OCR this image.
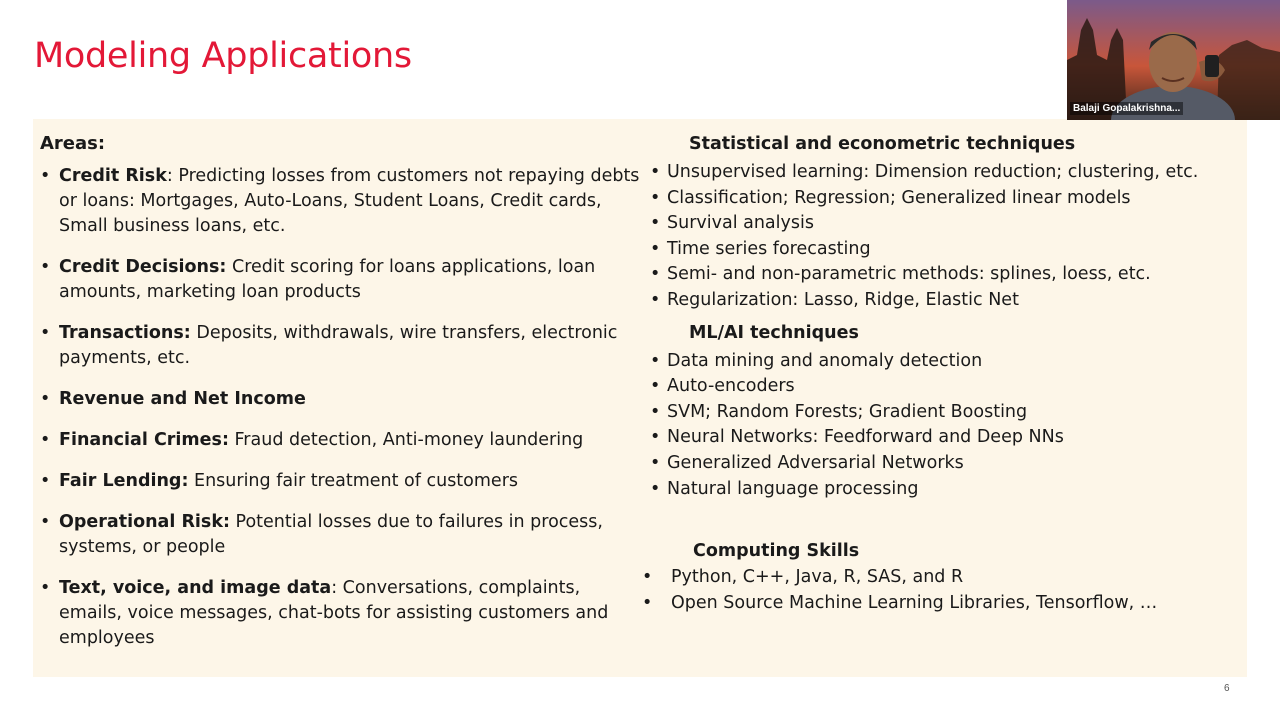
Modeling Applications
Areas:
• Credit Risk: Predicting losses from customers not repaying debts or loans: Mortgages, Auto-Loans, Student Loans, Credit cards, Small business loans, etc.
• Credit Decisions: Credit scoring for loans applications, loan amounts, marketing loan products
• Transactions: Deposits, withdrawals, wire transfers, electronic payments, etc.
• Revenue and Net Income
• Financial Crimes: Fraud detection, Anti-money laundering
• Fair Lending: Ensuring fair treatment of customers
• Operational Risk: Potential losses due to failures in process, systems, or people
• Text, voice, and image data: Conversations, complaints, emails, voice messages, chat-bots for assisting customers and employees
Statistical and econometric techniques
• Unsupervised learning: Dimension reduction; clustering, etc.
• Classification; Regression; Generalized linear models
• Survival analysis
• Time series forecasting
• Semi- and non-parametric methods: splines, loess, etc.
• Regularization: Lasso, Ridge, Elastic Net
ML/AI techniques
• Data mining and anomaly detection
• Auto-encoders
• SVM; Random Forests; Gradient Boosting
• Neural Networks: Feedforward and Deep NNs
• Generalized Adversarial Networks
• Natural language processing
Computing Skills
• Python, C++, Java, R, SAS, and R
• Open Source Machine Learning Libraries, Tensorflow, …
Balaji Gopalakrishna...
6
